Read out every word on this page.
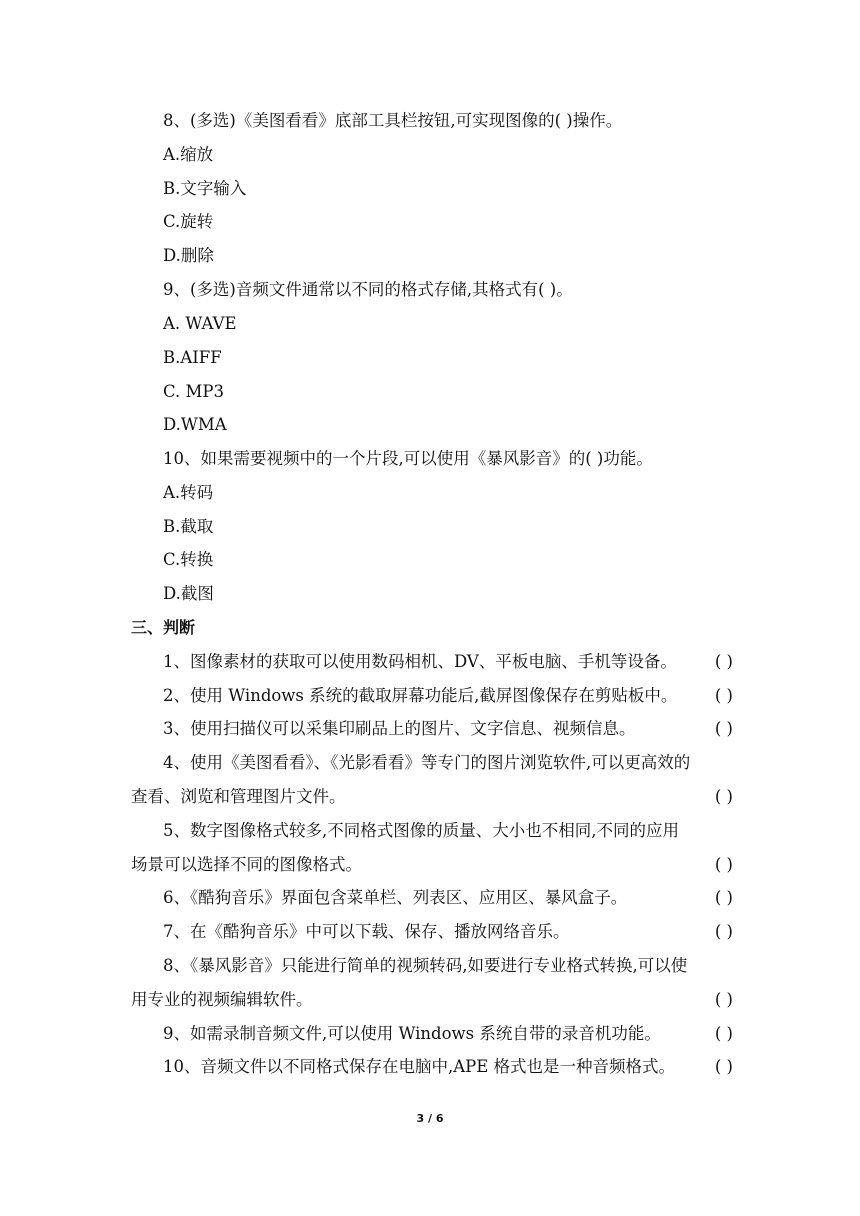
8、(多选)《美图看看》底部工具栏按钮,可实现图像的( )操作。
A.缩放
B.文字输入
C.旋转
D.删除
9、(多选)音频文件通常以不同的格式存储,其格式有( )。
A. WAVE
B.AIFF
C. MP3
D.WMA
10、如果需要视频中的一个片段,可以使用《暴风影音》的( )功能。
A.转码
B.截取
C.转换
D.截图
三、判断
1、图像素材的获取可以使用数码相机、DV、平板电脑、手机等设备。	( )
2、使用 Windows 系统的截取屏幕功能后,截屏图像保存在剪贴板中。	( )
3、使用扫描仪可以采集印刷品上的图片、文字信息、视频信息。	( )
4、使用《美图看看》、《光影看看》等专门的图片浏览软件,可以更高效的
查看、浏览和管理图片文件。	( )
5、数字图像格式较多,不同格式图像的质量、大小也不相同,不同的应用
场景可以选择不同的图像格式。	( )
6、《酷狗音乐》界面包含菜单栏、列表区、应用区、暴风盒子。	( )
7、在《酷狗音乐》中可以下载、保存、播放网络音乐。	( )
8、《暴风影音》只能进行简单的视频转码,如要进行专业格式转换,可以使
用专业的视频编辑软件。	( )
9、如需录制音频文件,可以使用 Windows 系统自带的录音机功能。	( )
10、音频文件以不同格式保存在电脑中,APE 格式也是一种音频格式。	( )
3 / 6
